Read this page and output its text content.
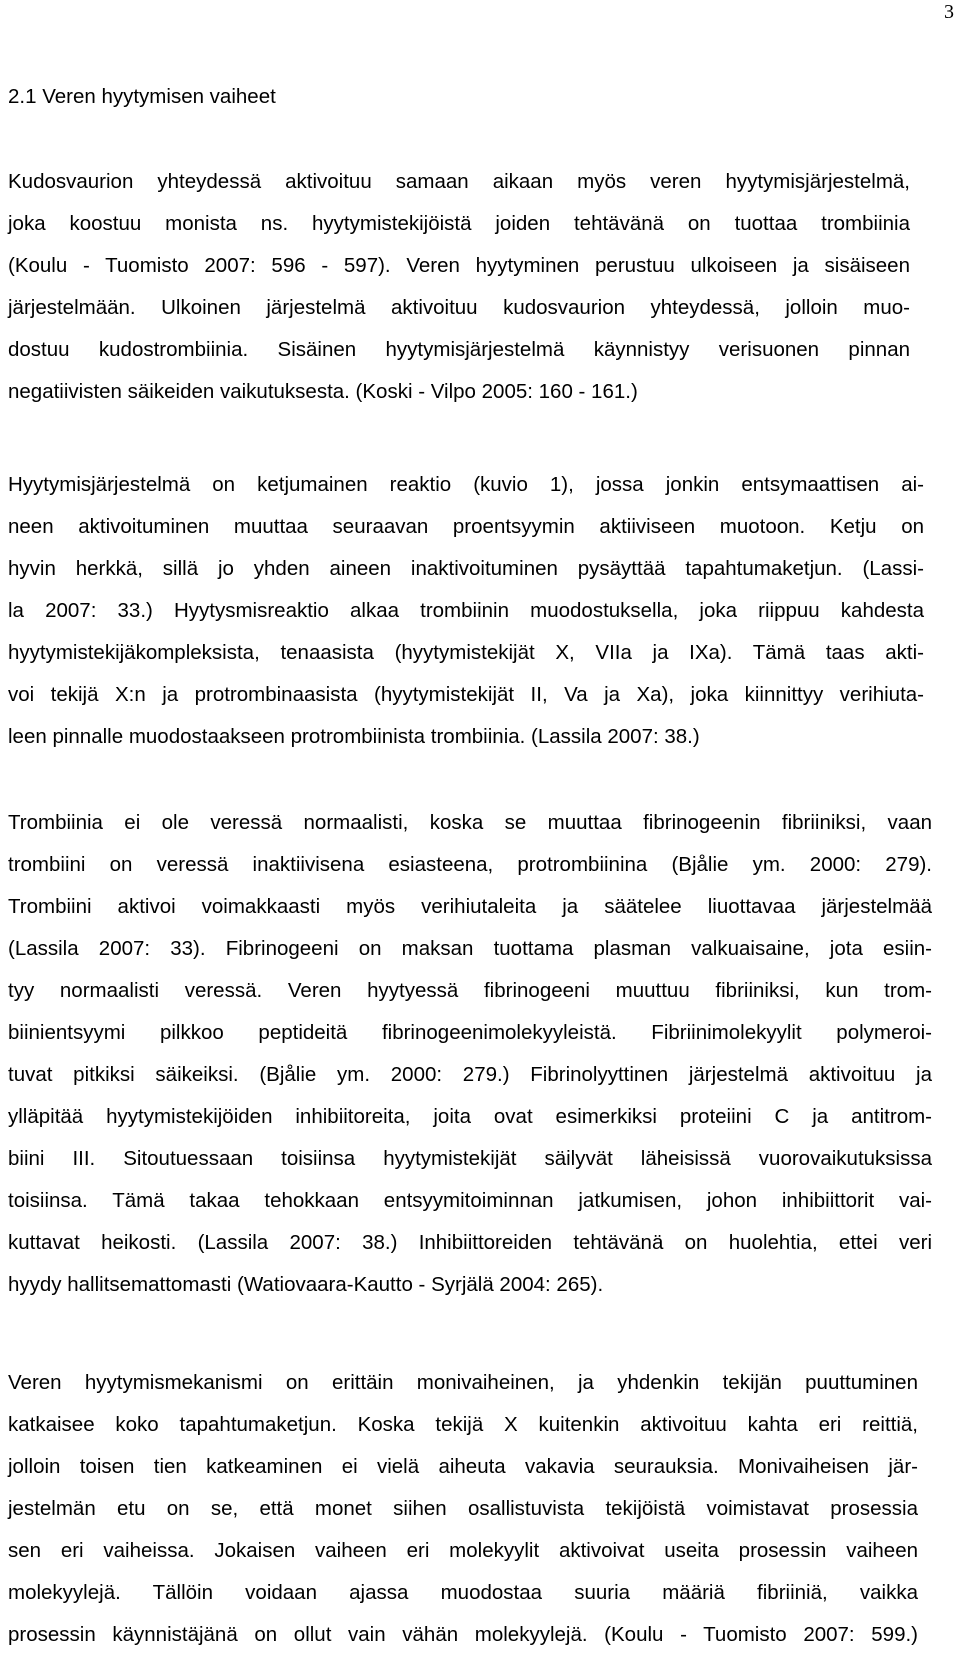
3
2.1 Veren hyytymisen vaiheet
Kudosvaurion yhteydessä aktivoituu samaan aikaan myös veren hyytymisjärjestelmä,
joka koostuu monista ns. hyytymistekijöistä joiden tehtävänä on tuottaa trombiinia
(Koulu - Tuomisto 2007: 596 - 597). Veren hyytyminen perustuu ulkoiseen ja sisäiseen
järjestelmään. Ulkoinen järjestelmä aktivoituu kudosvaurion yhteydessä, jolloin muo-
dostuu kudostrombiinia. Sisäinen hyytymisjärjestelmä käynnistyy verisuonen pinnan
negatiivisten säikeiden vaikutuksesta. (Koski - Vilpo 2005: 160 - 161.)
Hyytymisjärjestelmä on ketjumainen reaktio (kuvio 1), jossa jonkin entsymaattisen ai-
neen aktivoituminen muuttaa seuraavan proentsyymin aktiiviseen muotoon. Ketju on
hyvin herkkä, sillä jo yhden aineen inaktivoituminen pysäyttää tapahtumaketjun. (Lassi-
la 2007: 33.) Hyytysmisreaktio alkaa trombiinin muodostuksella, joka riippuu kahdesta
hyytymistekijäkompleksista, tenaasista (hyytymistekijät X, VIIa ja IXa). Tämä taas akti-
voi tekijä X:n ja protrombinaasista (hyytymistekijät II, Va ja Xa), joka kiinnittyy verihiuta-
leen pinnalle muodostaakseen protrombiinista trombiinia. (Lassila 2007: 38.)
Trombiinia ei ole veressä normaalisti, koska se muuttaa fibrinogeenin fibriiniksi, vaan
trombiini on veressä inaktiivisena esiasteena, protrombiinina (Bjålie ym. 2000: 279).
Trombiini aktivoi voimakkaasti myös verihiutaleita ja säätelee liuottavaa järjestelmää
(Lassila 2007: 33). Fibrinogeeni on maksan tuottama plasman valkuaisaine, jota esiin-
tyy normaalisti veressä. Veren hyytyessä fibrinogeeni muuttuu fibriiniksi, kun trom-
biinientsyymi pilkkoo peptideitä fibrinogeenimolekyyleistä. Fibriinimolekyylit polymeroi-
tuvat pitkiksi säikeiksi. (Bjålie ym. 2000: 279.) Fibrinolyyttinen järjestelmä aktivoituu ja
ylläpitää hyytymistekijöiden inhibiitoreita, joita ovat esimerkiksi proteiini C ja antitrom-
biini III. Sitoutuessaan toisiinsa hyytymistekijät säilyvät läheisissä vuorovaikutuksissa
toisiinsa. Tämä takaa tehokkaan entsyymitoiminnan jatkumisen, johon inhibiittorit vai-
kuttavat heikosti. (Lassila 2007: 38.) Inhibiittoreiden tehtävänä on huolehtia, ettei veri
hyydy hallitsemattomasti (Watiovaara-Kautto - Syrjälä 2004: 265).
Veren hyytymismekanismi on erittäin monivaiheinen, ja yhdenkin tekijän puuttuminen
katkaisee koko tapahtumaketjun. Koska tekijä X kuitenkin aktivoituu kahta eri reittiä,
jolloin toisen tien katkeaminen ei vielä aiheuta vakavia seurauksia. Monivaiheisen jär-
jestelmän etu on se, että monet siihen osallistuvista tekijöistä voimistavat prosessia
sen eri vaiheissa. Jokaisen vaiheen eri molekyylit aktivoivat useita prosessin vaiheen
molekyylejä. Tällöin voidaan ajassa muodostaa suuria määriä fibriiniä, vaikka
prosessin käynnistäjänä on ollut vain vähän molekyylejä. (Koulu - Tuomisto 2007: 599.)
